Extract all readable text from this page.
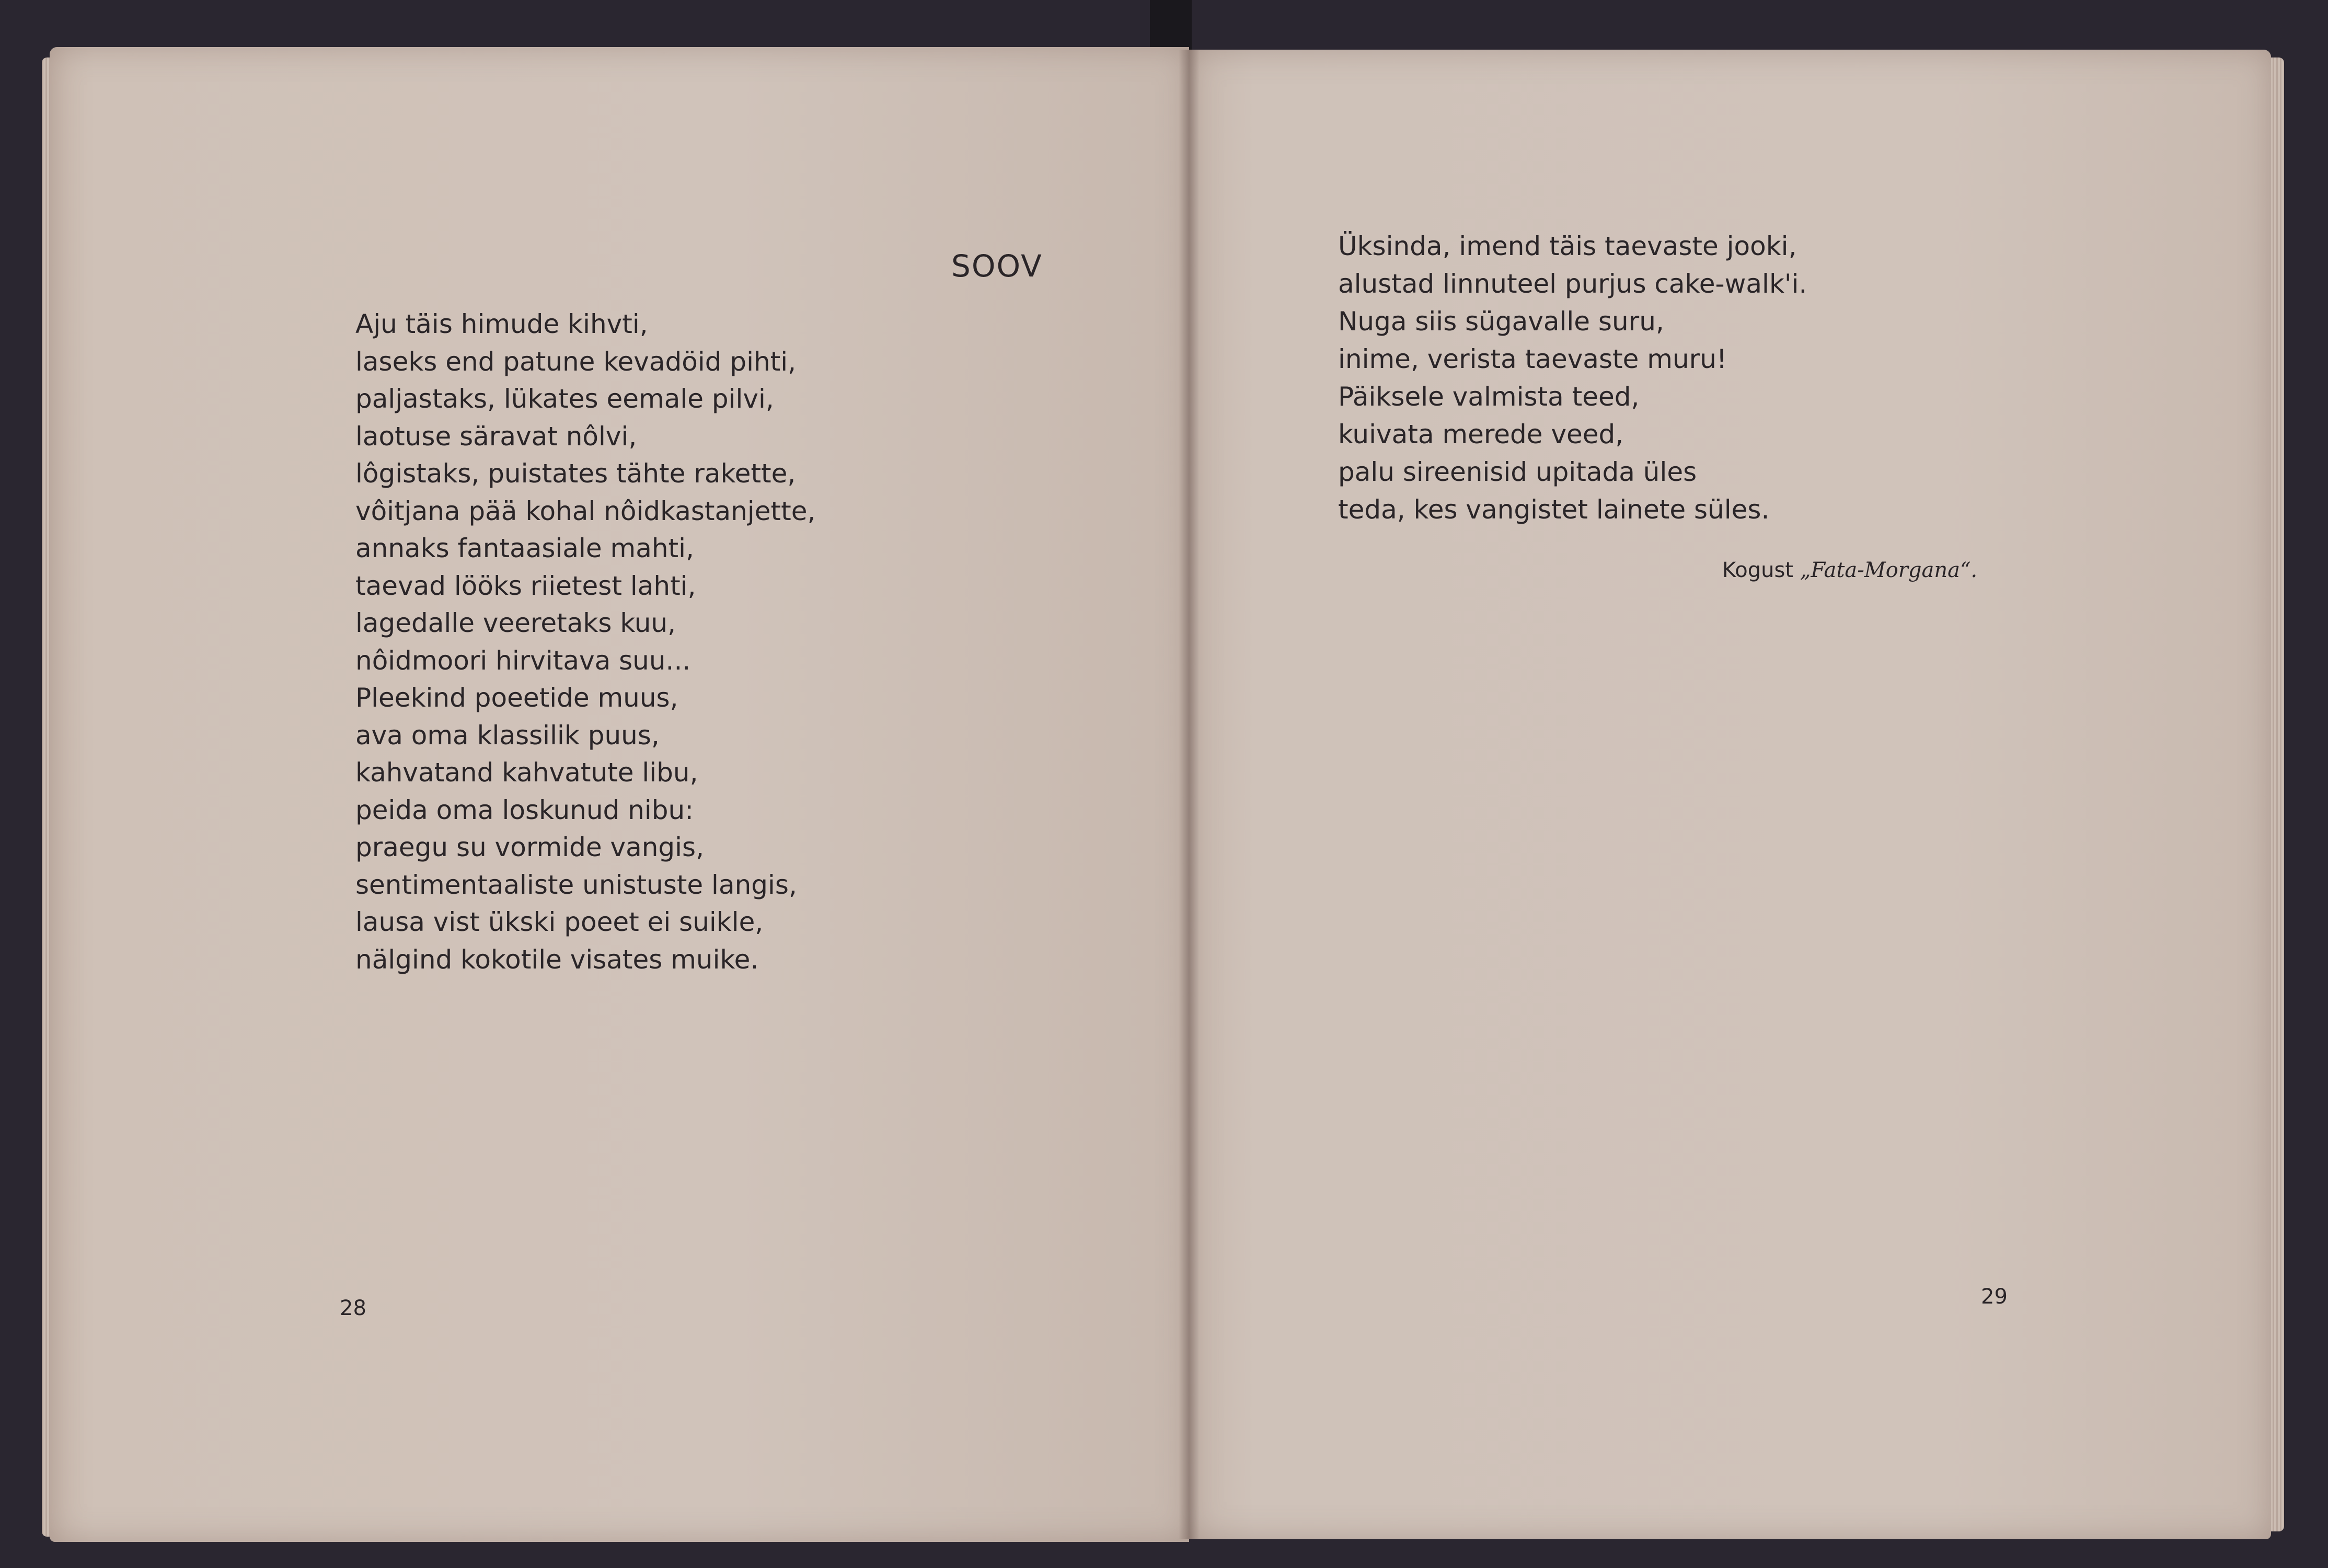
SOOV
Aju täis himude kihvti,
laseks end patune kevadöid pihti,
paljastaks, lükates eemale pilvi,
laotuse säravat nôlvi,
lôgistaks, puistates tähte rakette,
vôitjana pää kohal nôidkastanjette,
annaks fantaasiale mahti,
taevad lööks riietest lahti,
lagedalle veeretaks kuu,
nôidmoori hirvitava suu...
Pleekind poeetide muus,
ava oma klassilik puus,
kahvatand kahvatute libu,
peida oma loskunud nibu:
praegu su vormide vangis,
sentimentaaliste unistuste langis,
lausa vist ükski poeet ei suikle,
nälgind kokotile visates muike.
28
Üksinda, imend täis taevaste jooki,
alustad linnuteel purjus cake-walk'i.
Nuga siis sügavalle suru,
inime, verista taevaste muru!
Päiksele valmista teed,
kuivata merede veed,
palu sireenisid upitada üles
teda, kes vangistet lainete süles.
Kogust „Fata-Morgana“.
29
